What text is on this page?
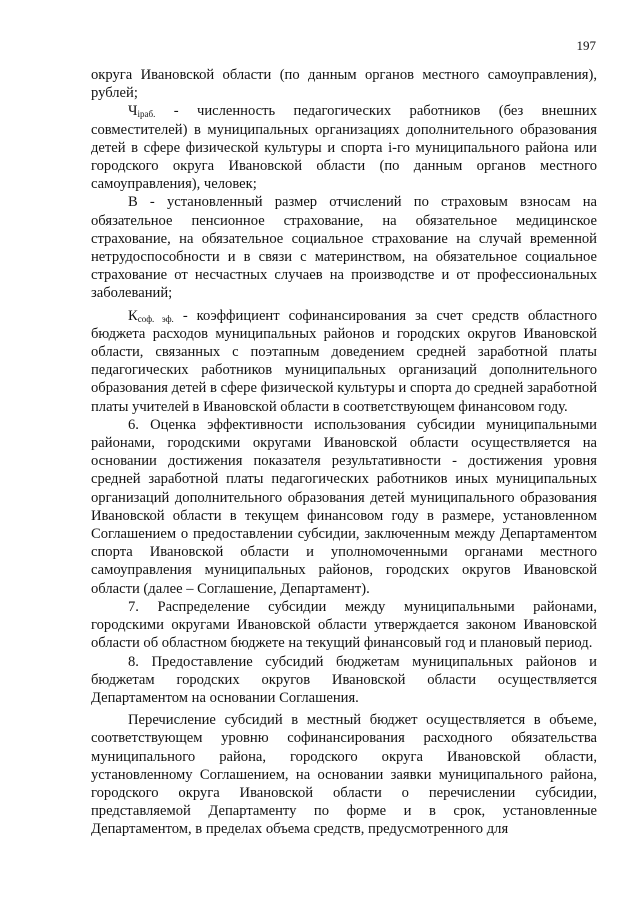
197

округа Ивановской области (по данным органов местного самоуправления), рублей;

$Ч_{iраб.}$ - численность педагогических работников (без внешних совместителей) в муниципальных организациях дополнительного образования детей в сфере физической культуры и спорта i-го муниципального района или городского округа Ивановской области (по данным органов местного самоуправления), человек;

В - установленный размер отчислений по страховым взносам на обязательное пенсионное страхование, на обязательное медицинское страхование, на обязательное социальное страхование на случай временной нетрудоспособности и в связи с материнством, на обязательное социальное страхование от несчастных случаев на производстве и от профессиональных заболеваний;

$К_{соф. эф.}$ - коэффициент софинансирования за счет средств областного бюджета расходов муниципальных районов и городских округов Ивановской области, связанных с поэтапным доведением средней заработной платы педагогических работников муниципальных организаций дополнительного образования детей в сфере физической культуры и спорта до средней заработной платы учителей в Ивановской области в соответствующем финансовом году.

6. Оценка эффективности использования субсидии муниципальными районами, городскими округами Ивановской области осуществляется на основании достижения показателя результативности - достижения уровня средней заработной платы педагогических работников иных муниципальных организаций дополнительного образования детей муниципального образования Ивановской области в текущем финансовом году в размере, установленном Соглашением о предоставлении субсидии, заключенным между Департаментом спорта Ивановской области и уполномоченными органами местного самоуправления муниципальных районов, городских округов Ивановской области (далее – Соглашение, Департамент).

7. Распределение субсидии между муниципальными районами, городскими округами Ивановской области утверждается законом Ивановской области об областном бюджете на текущий финансовый год и плановый период.

8. Предоставление субсидий бюджетам муниципальных районов и бюджетам городских округов Ивановской области осуществляется Департаментом на основании Соглашения.

Перечисление субсидий в местный бюджет осуществляется в объеме, соответствующем уровню софинансирования расходного обязательства муниципального района, городского округа Ивановской области, установленному Соглашением, на основании заявки муниципального района, городского округа Ивановской области о перечислении субсидии, представляемой Департаменту по форме и в срок, установленные Департаментом, в пределах объема средств, предусмотренного для
